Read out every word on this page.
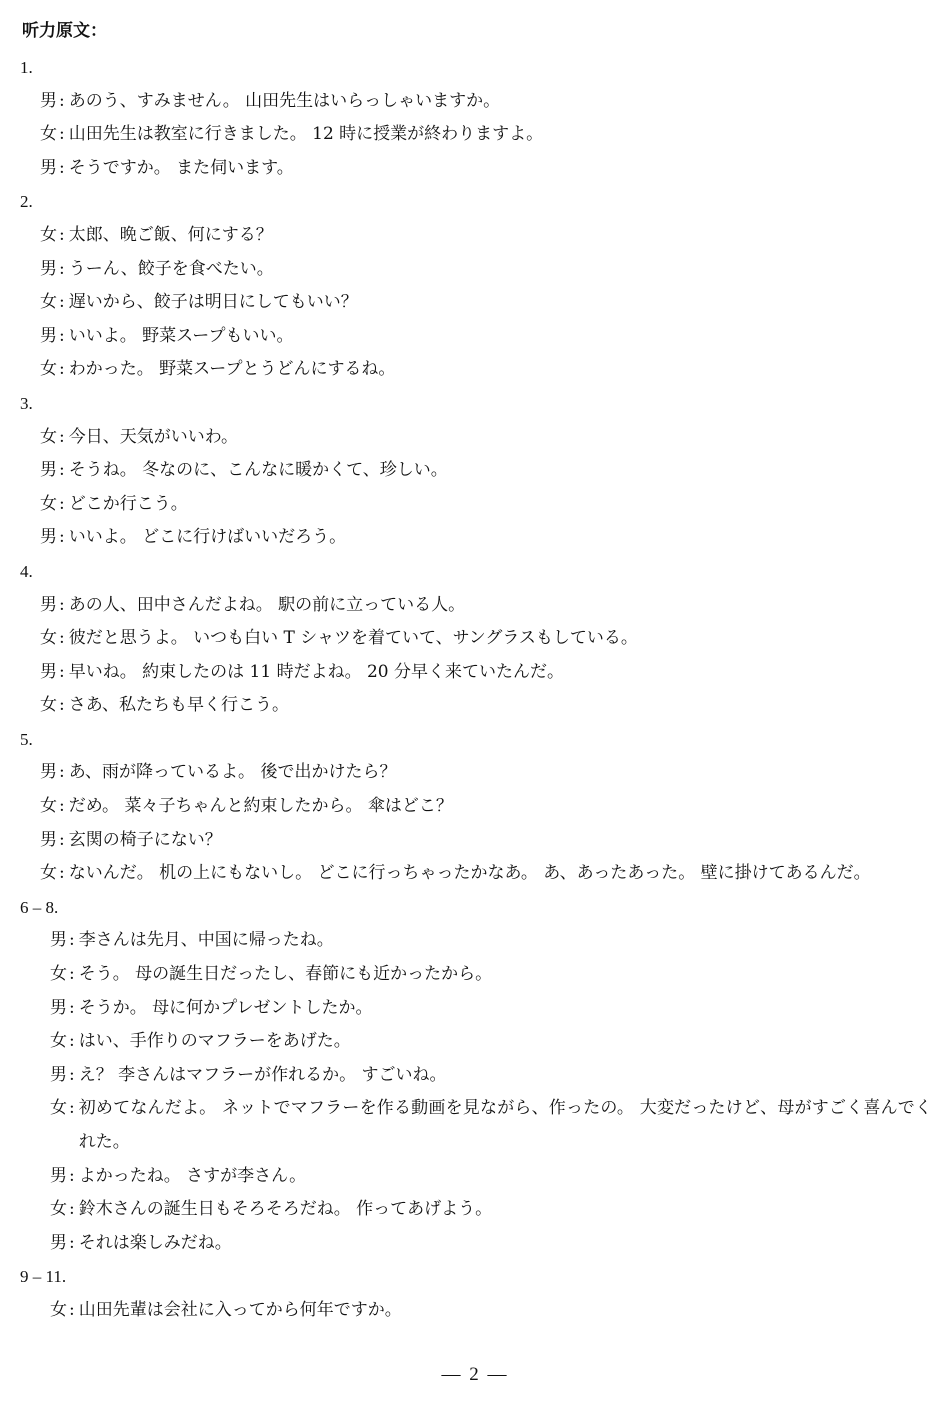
听力原文：
1.
男 : あのう、すみません。 山田先生はいらっしゃいますか。
女 : 山田先生は教室に行きました。 12 時に授業が終わりますよ。
男 : そうですか。 また伺います。
2.
女 : 太郎、晩ご飯、何にする？
男 : うーん、餃子を食べたい。
女 : 遅いから、餃子は明日にしてもいい？
男 : いいよ。 野菜スープもいい。
女 : わかった。 野菜スープとうどんにするね。
3.
女 : 今日、天気がいいわ。
男 : そうね。 冬なのに、こんなに暖かくて、珍しい。
女 : どこか行こう。
男 : いいよ。 どこに行けばいいだろう。
4.
男 : あの人、田中さんだよね。 駅の前に立っている人。
女 : 彼だと思うよ。 いつも白い T シャツを着ていて、サングラスもしている。
男 : 早いね。 約束したのは 11 時だよね。 20 分早く来ていたんだ。
女 : さあ、私たちも早く行こう。
5.
男 : あ、雨が降っているよ。 後で出かけたら？
女 : だめ。 菜々子ちゃんと約束したから。 傘はどこ？
男 : 玄関の椅子にない？
女 : ないんだ。 机の上にもないし。 どこに行っちゃったかなあ。 あ、あったあった。 壁に掛けてあるんだ。
6 – 8.
男 : 李さんは先月、中国に帰ったね。
女 : そう。 母の誕生日だったし、春節にも近かったから。
男 : そうか。 母に何かプレゼントしたか。
女 : はい、手作りのマフラーをあげた。
男 : え？ 李さんはマフラーが作れるか。 すごいね。
女 : 初めてなんだよ。 ネットでマフラーを作る動画を見ながら、作ったの。 大変だったけど、母がすごく喜んでくれた。
男 : よかったね。 さすが李さん。
女 : 鈴木さんの誕生日もそろそろだね。 作ってあげよう。
男 : それは楽しみだね。
9 – 11.
女 : 山田先輩は会社に入ってから何年ですか。
— 2 —
